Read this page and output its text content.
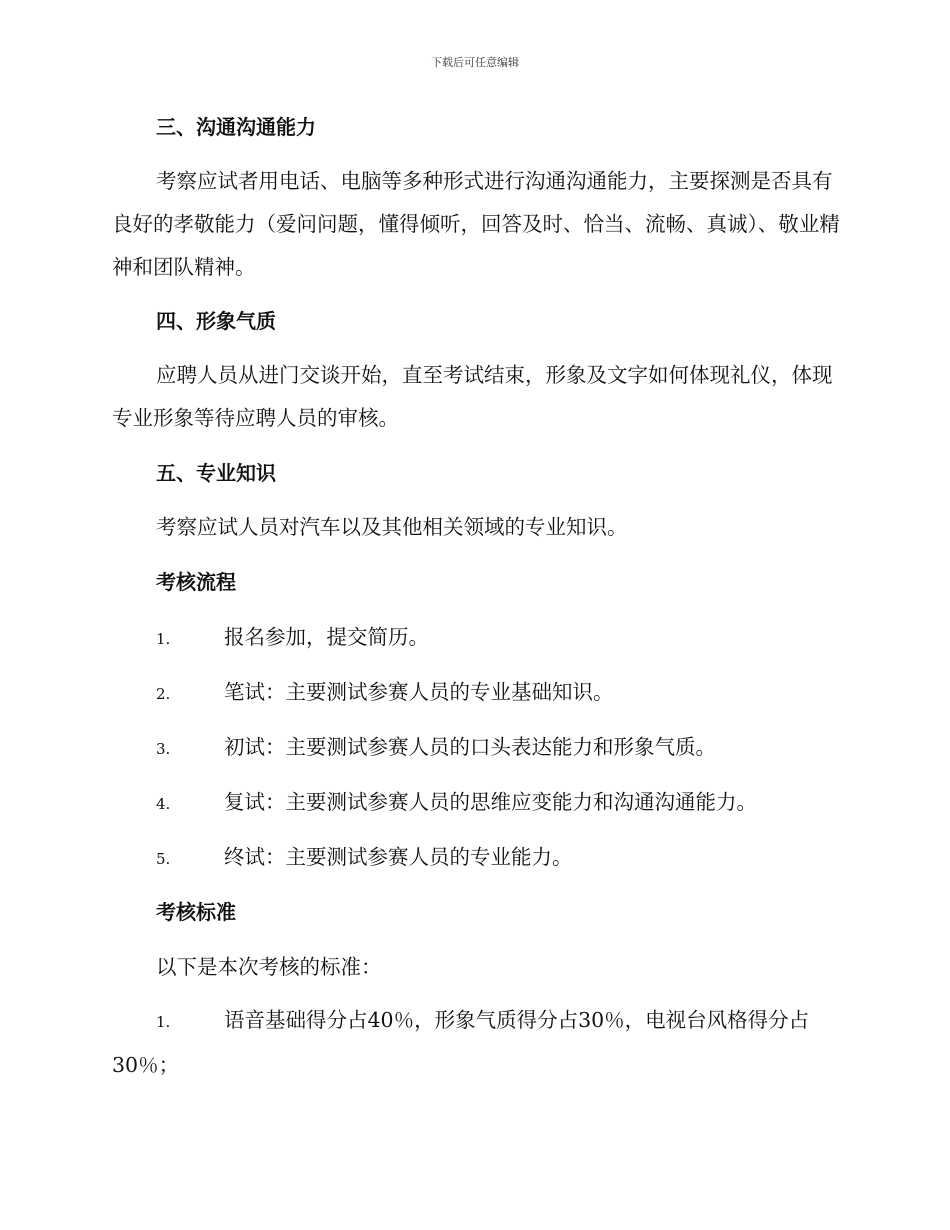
下载后可任意编辑
三、沟通沟通能力

考察应试者用电话、电脑等多种形式进行沟通沟通能力，主要探测是否具有良好的孝敬能力（爱问问题，懂得倾听，回答及时、恰当、流畅、真诚）、敬业精神和团队精神。

四、形象气质

应聘人员从进门交谈开始，直至考试结束，形象及文字如何体现礼仪，体现专业形象等待应聘人员的审核。

五、专业知识

考察应试人员对汽车以及其他相关领域的专业知识。

考核流程
1.	报名参加，提交简历。
2.	笔试：主要测试参赛人员的专业基础知识。
3.	初试：主要测试参赛人员的口头表达能力和形象气质。
4.	复试：主要测试参赛人员的思维应变能力和沟通沟通能力。
5.	终试：主要测试参赛人员的专业能力。
考核标准
以下是本次考核的标准：

1.	语音基础得分占40％，形象气质得分占30％，电视台风格得分占30％；
